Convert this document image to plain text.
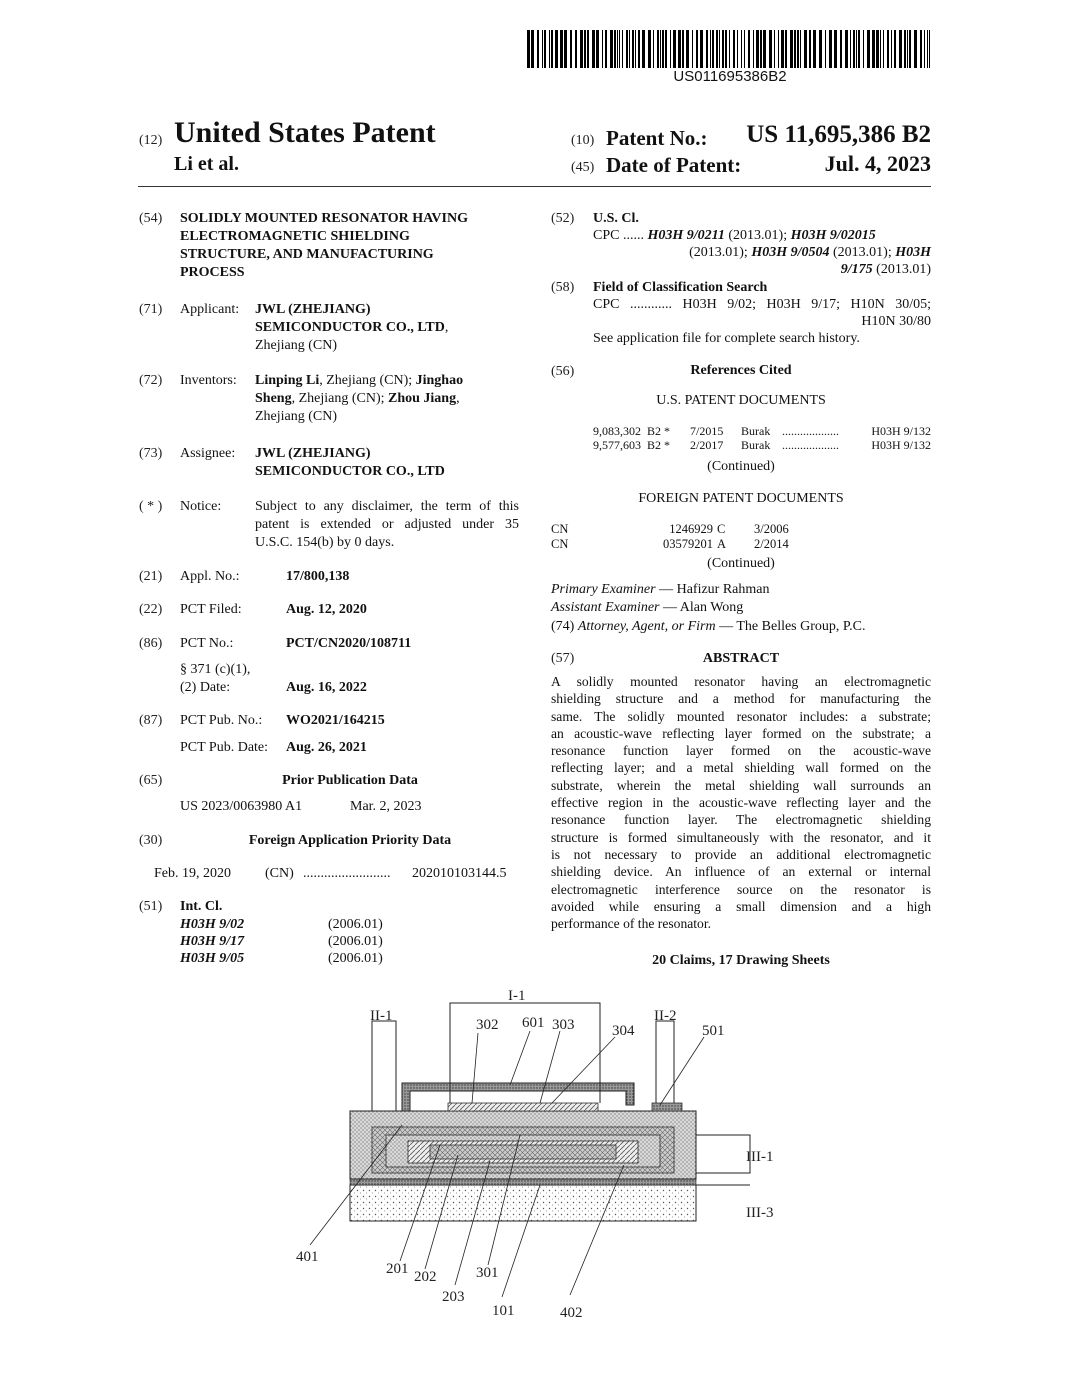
US011695386B2
(12) United States Patent
Li et al.
(10) Patent No.:	US 11,695,386 B2
(45) Date of Patent:	Jul. 4, 2023
(54) SOLIDLY MOUNTED RESONATOR HAVING
ELECTROMAGNETIC SHIELDING
STRUCTURE, AND MANUFACTURING
PROCESS
(71) Applicant: JWL (ZHEJIANG)
SEMICONDUCTOR CO., LTD,
Zhejiang (CN)
(72) Inventors: Linping Li, Zhejiang (CN); Jinghao
Sheng, Zhejiang (CN); Zhou Jiang,
Zhejiang (CN)
(73) Assignee: JWL (ZHEJIANG)
SEMICONDUCTOR CO., LTD
( * ) Notice: Subject to any disclaimer, the term of this
patent is extended or adjusted under 35
U.S.C. 154(b) by 0 days.
(21) Appl. No.:	17/800,138
(22) PCT Filed:	Aug. 12, 2020
(86) PCT No.:	PCT/CN2020/108711
§ 371 (c)(1),
(2) Date:	Aug. 16, 2022
(87) PCT Pub. No.: WO2021/164215
PCT Pub. Date: Aug. 26, 2021
(65)	Prior Publication Data
US 2023/0063980 A1	Mar. 2, 2023
(30)	Foreign Application Priority Data
Feb. 19, 2020 (CN) ......................... 202010103144.5
(51) Int. Cl.
H03H 9/02	(2006.01)
H03H 9/17	(2006.01)
H03H 9/05	(2006.01)
(52) U.S. Cl.
CPC ...... H03H 9/0211 (2013.01); H03H 9/02015
(2013.01); H03H 9/0504 (2013.01); H03H
9/175 (2013.01)
(58) Field of Classification Search
CPC ............ H03H 9/02; H03H 9/17; H10N 30/05;
H10N 30/80
See application file for complete search history.
(56)	References Cited
U.S. PATENT DOCUMENTS
9,083,302 B2 * 7/2015 Burak ...................	H03H 9/132
9,577,603 B2 * 2/2017 Burak ...................	H03H 9/132
(Continued)
FOREIGN PATENT DOCUMENTS
CN	1246929 C 3/2006
CN	03579201 A 2/2014
(Continued)
Primary Examiner — Hafizur Rahman
Assistant Examiner — Alan Wong
(74) Attorney, Agent, or Firm — The Belles Group, P.C.
(57)	ABSTRACT
A solidly mounted resonator having an electromagnetic
shielding structure and a method for manufacturing the
same. The solidly mounted resonator includes: a substrate;
an acoustic-wave reflecting layer formed on the substrate; a
resonance function layer formed on the acoustic-wave
reflecting layer; and a metal shielding wall formed on the
substrate, wherein the metal shielding wall surrounds an
effective region in the acoustic-wave reflecting layer and the
resonance function layer. The electromagnetic shielding
structure is formed simultaneously with the resonator, and it
is not necessary to provide an additional electromagnetic
shielding device. An influence of an external or internal
electromagnetic interference source on the resonator is
avoided while ensuring a small dimension and a high
performance of the resonator.
20 Claims, 17 Drawing Sheets
I-1
II-1
302 601 303	304
II-2
501
III-1
III-3
401
201 202
203
301
101	402
